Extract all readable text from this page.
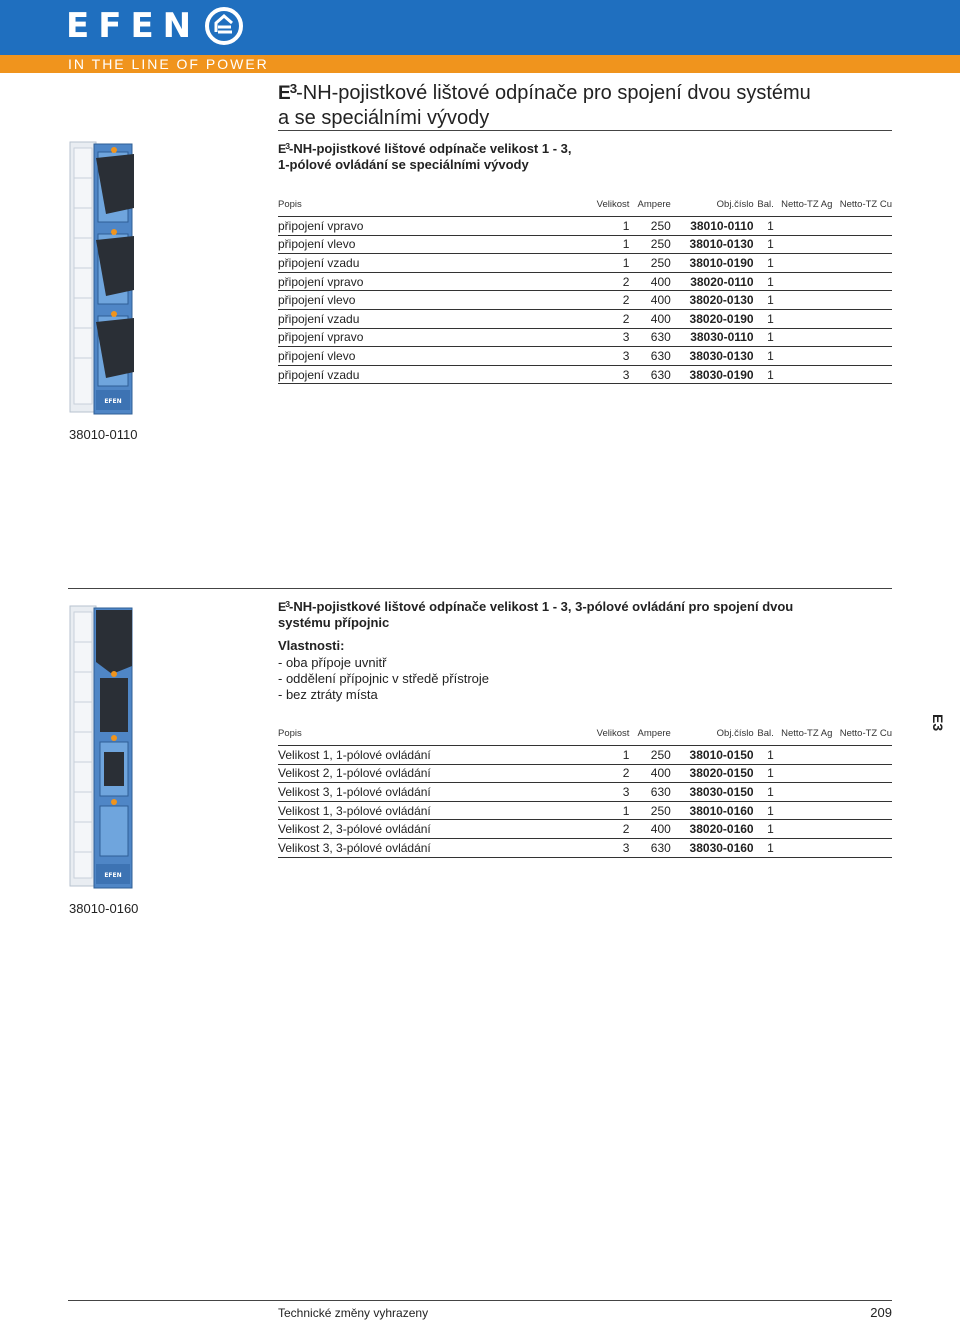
EFEN
IN THE LINE OF POWER
$E^3-NH$-pojistkové lištové odpínače pro spojení dvou systému
a se speciálními vývody
$E^3-NH$-pojistkové lištové odpínače velikost 1 - 3,
1-pólové ovládání se speciálními vývody
EFEN
Popis	Velikost	Ampere	Obj.číslo	Bal.	Netto-TZ Ag	Netto-TZ Cu
připojení vpravo	1	250	38010-0110	1		
připojení vlevo	1	250	38010-0130	1		
připojení vzadu	1	250	38010-0190	1		
připojení vpravo	2	400	38020-0110	1		
připojení vlevo	2	400	38020-0130	1		
připojení vzadu	2	400	38020-0190	1		
připojení vpravo	3	630	38030-0110	1		
připojení vlevo	3	630	38030-0130	1		
připojení vzadu	3	630	38030-0190	1		
38010-0110
$E^3-NH$-pojistkové lištové odpínače velikost 1 - 3, 3-pólové ovládání pro spojení dvou
systému přípojnic
Vlastnosti:
- oba přípoje uvnitř
- oddělení přípojnic v středě přístroje
- bez ztráty místa
EFEN
Popis	Velikost	Ampere	Obj.číslo	Bal.	Netto-TZ Ag	Netto-TZ Cu
Velikost 1, 1-pólové ovládání	1	250	38010-0150	1		
Velikost 2, 1-pólové ovládání	2	400	38020-0150	1		
Velikost 3, 1-pólové ovládání	3	630	38030-0150	1		
Velikost 1, 3-pólové ovládání	1	250	38010-0160	1		
Velikost 2, 3-pólové ovládání	2	400	38020-0160	1		
Velikost 3, 3-pólové ovládání	3	630	38030-0160	1		
38010-0160
E3
Technické změny vyhrazeny	209
